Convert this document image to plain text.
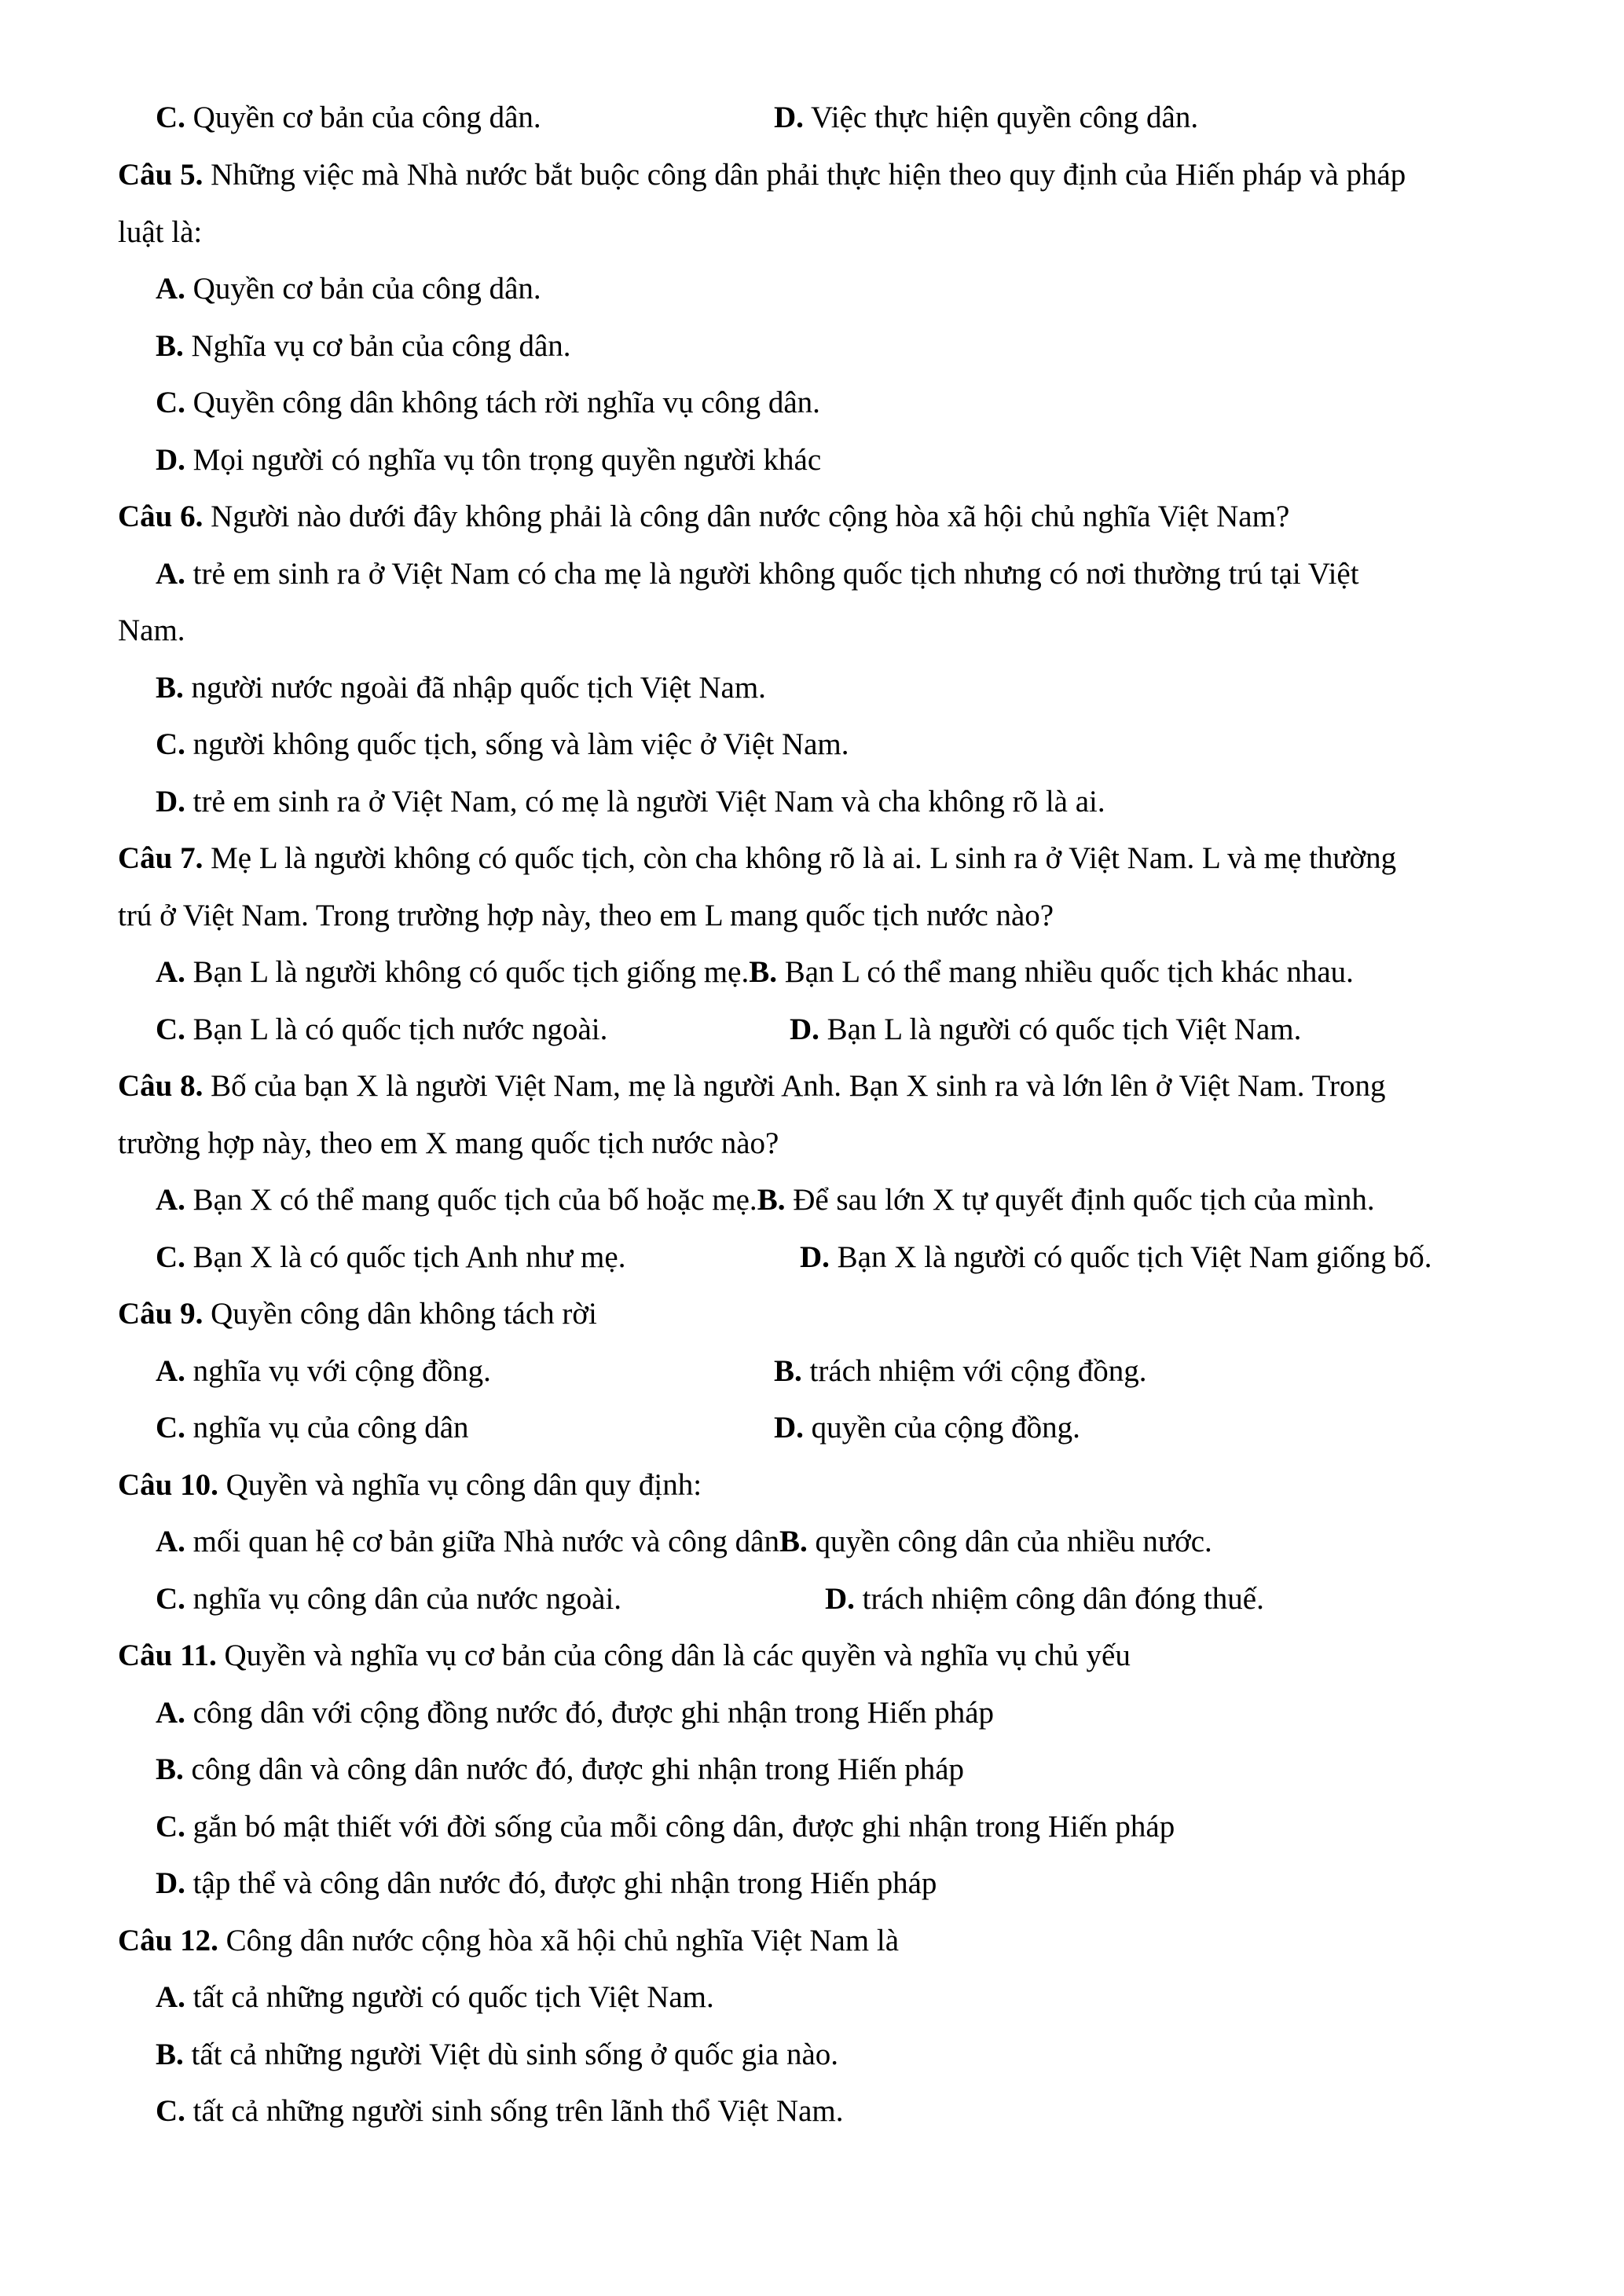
C. Quyền cơ bản của công dân.	D. Việc thực hiện quyền công dân.
Câu 5. Những việc mà Nhà nước bắt buộc công dân phải thực hiện theo quy định của Hiến pháp và pháp
luật là:
A. Quyền cơ bản của công dân.
B. Nghĩa vụ cơ bản của công dân.
C. Quyền công dân không tách rời nghĩa vụ công dân.
D. Mọi người có nghĩa vụ tôn trọng quyền người khác
Câu 6. Người nào dưới đây không phải là công dân nước cộng hòa xã hội chủ nghĩa Việt Nam?
A. trẻ em sinh ra ở Việt Nam có cha mẹ là người không quốc tịch nhưng có nơi thường trú tại Việt
Nam.
B. người nước ngoài đã nhập quốc tịch Việt Nam.
C. người không quốc tịch, sống và làm việc ở Việt Nam.
D. trẻ em sinh ra ở Việt Nam, có mẹ là người Việt Nam và cha không rõ là ai.
Câu 7. Mẹ L là người không có quốc tịch, còn cha không rõ là ai. L sinh ra ở Việt Nam. L và mẹ thường
trú ở Việt Nam. Trong trường hợp này, theo em L mang quốc tịch nước nào?
A. Bạn L là người không có quốc tịch giống mẹ.B. Bạn L có thể mang nhiều quốc tịch khác nhau.
C. Bạn L là có quốc tịch nước ngoài.	D. Bạn L là người có quốc tịch Việt Nam.
Câu 8. Bố của bạn X là người Việt Nam, mẹ là người Anh. Bạn X sinh ra và lớn lên ở Việt Nam. Trong
trường hợp này, theo em X mang quốc tịch nước nào?
A. Bạn X có thể mang quốc tịch của bố hoặc mẹ.B. Để sau lớn X tự quyết định quốc tịch của mình.
C. Bạn X là có quốc tịch Anh như mẹ.	D. Bạn X là người có quốc tịch Việt Nam giống bố.
Câu 9. Quyền công dân không tách rời
A. nghĩa vụ với cộng đồng.	B. trách nhiệm với cộng đồng.
C. nghĩa vụ của công dân	D. quyền của cộng đồng.
Câu 10. Quyền và nghĩa vụ công dân quy định:
A. mối quan hệ cơ bản giữa Nhà nước và công dânB. quyền công dân của nhiều nước.
C. nghĩa vụ công dân của nước ngoài.	D. trách nhiệm công dân đóng thuế.
Câu 11. Quyền và nghĩa vụ cơ bản của công dân là các quyền và nghĩa vụ chủ yếu
A. công dân với cộng đồng nước đó, được ghi nhận trong Hiến pháp
B. công dân và công dân nước đó, được ghi nhận trong Hiến pháp
C. gắn bó mật thiết với đời sống của mỗi công dân, được ghi nhận trong Hiến pháp
D. tập thể và công dân nước đó, được ghi nhận trong Hiến pháp
Câu 12. Công dân nước cộng hòa xã hội chủ nghĩa Việt Nam là
A. tất cả những người có quốc tịch Việt Nam.
B. tất cả những người Việt dù sinh sống ở quốc gia nào.
C. tất cả những người sinh sống trên lãnh thổ Việt Nam.
